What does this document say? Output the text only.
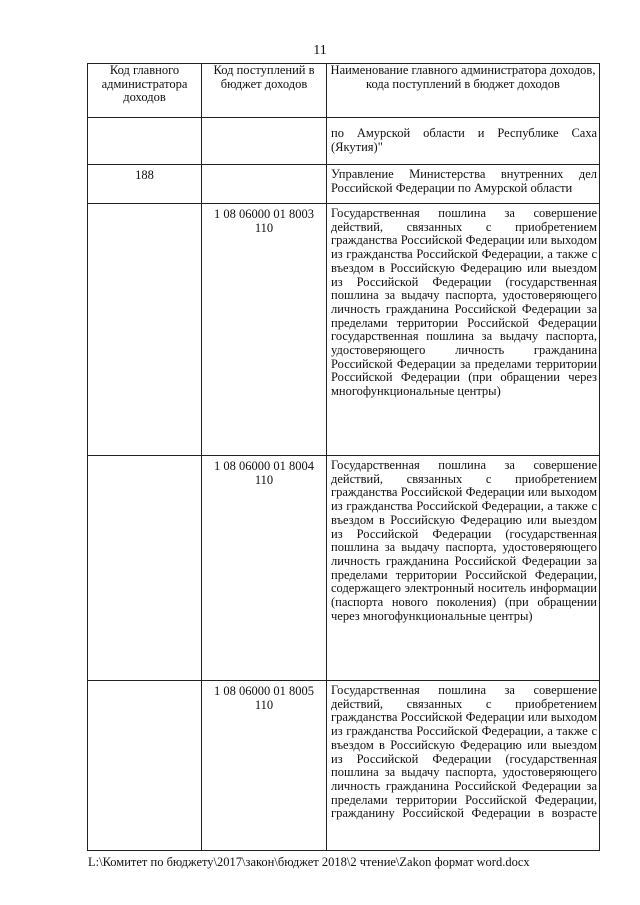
11
Код главного администратора доходов	Код поступлений в бюджет доходов	Наименование главного администратора доходов, кода поступлений в бюджет доходов
		по Амурской области и Республике Саха (Якутия)"
188		Управление Министерства внутренних дел Российской Федерации по Амурской области
	1 08 06000 01 8003 110	Государственная пошлина за совершение действий, связанных с приобретением гражданства Российской Федерации или выходом из гражданства Российской Федерации, а также с въездом в Российскую Федерацию или выездом из Российской Федерации (государственная пошлина за выдачу паспорта, удостоверяющего личность гражданина Российской Федерации за пределами территории Российской Федерации государственная пошлина за выдачу паспорта, удостоверяющего личность гражданина Российской Федерации за пределами территории Российской Федерации (при обращении через многофункциональные центры)
	1 08 06000 01 8004 110	Государственная пошлина за совершение действий, связанных с приобретением гражданства Российской Федерации или выходом из гражданства Российской Федерации, а также с въездом в Российскую Федерацию или выездом из Российской Федерации (государственная пошлина за выдачу паспорта, удостоверяющего личность гражданина Российской Федерации за пределами территории Российской Федерации, содержащего электронный носитель информации (паспорта нового поколения) (при обращении через многофункциональные центры)
	1 08 06000 01 8005 110	Государственная пошлина за совершение действий, связанных с приобретением гражданства Российской Федерации или выходом из гражданства Российской Федерации, а также с въездом в Российскую Федерацию или выездом из Российской Федерации (государственная пошлина за выдачу паспорта, удостоверяющего личность гражданина Российской Федерации за пределами территории Российской Федерации, гражданину Российской Федерации в возрасте
L:\Комитет по бюджету\2017\закон\бюджет 2018\2 чтение\Zakon формат word.docx
